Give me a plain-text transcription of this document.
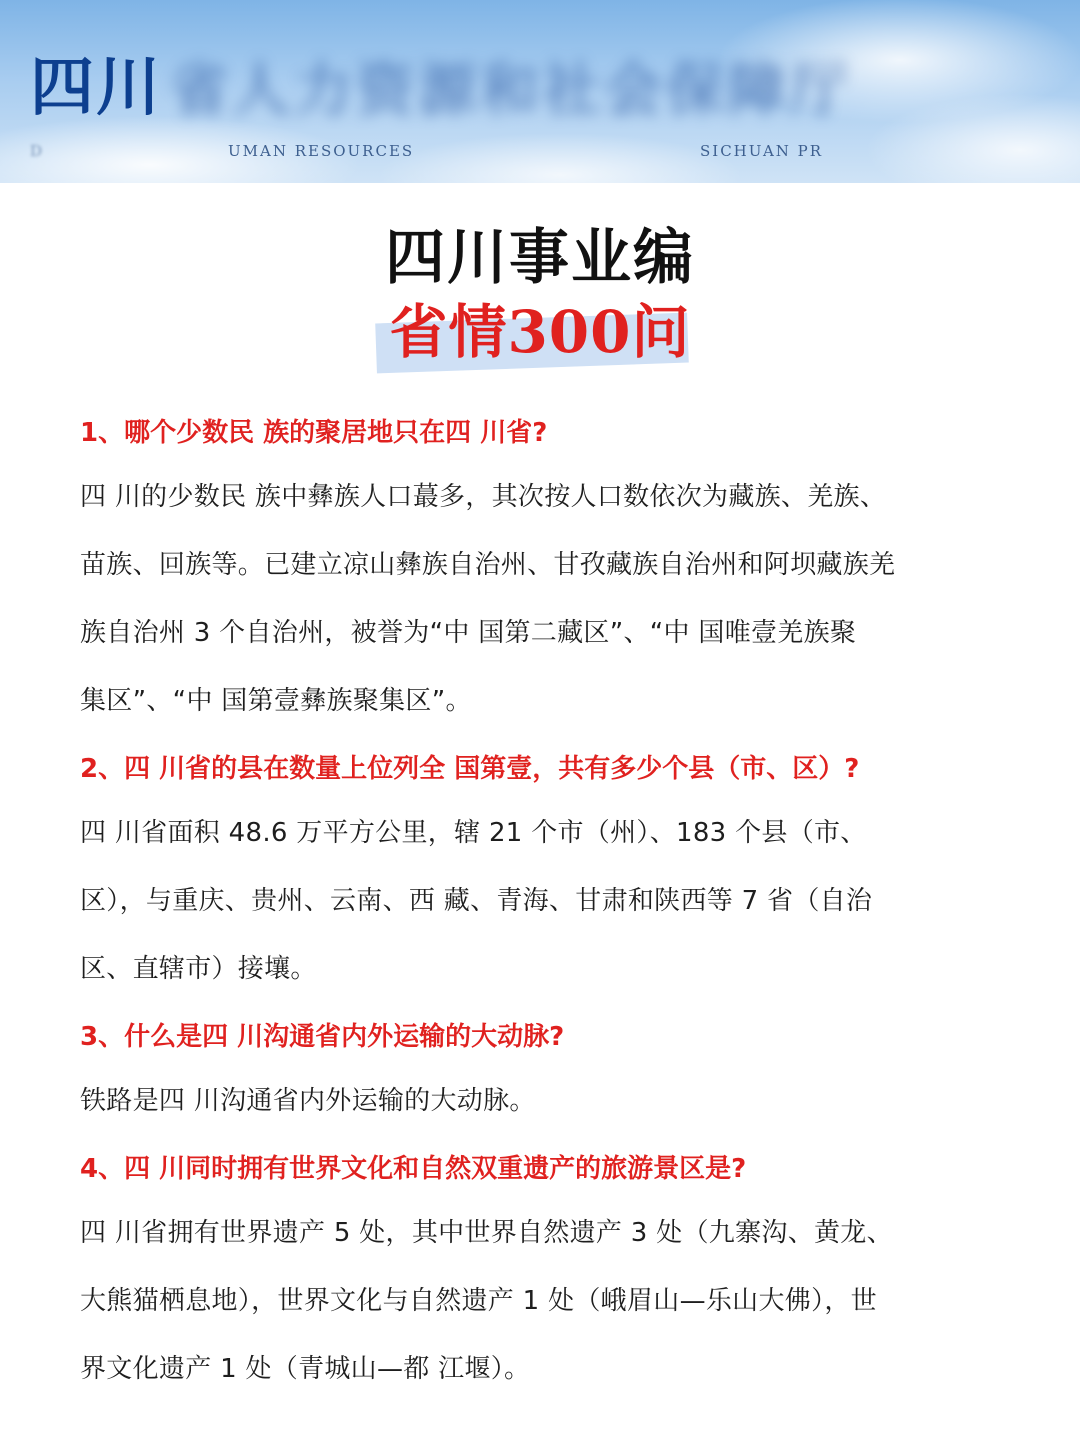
四川 省人力资源和社会保障厅
D	UMAN RESOURCES	SICHUAN PR
四川事业编
省情300问
1、哪个少数民 族的聚居地只在四 川省?
四 川的少数民 族中彝族人口蕞多，其次按人口数依次为藏族、羌族、
苗族、回族等。已建立凉山彝族自治州、甘孜藏族自治州和阿坝藏族羌
族自治州 3 个自治州，被誉为“中 国第二藏区”、“中 国唯壹羌族聚
集区”、“中 国第壹彝族聚集区”。
2、四 川省的县在数量上位列全 国第壹，共有多少个县（市、区）?
四 川省面积 48.6 万平方公里，辖 21 个市（州）、183 个县（市、
区），与重庆、贵州、云南、西 藏、青海、甘肃和陕西等 7 省（自治
区、直辖市）接壤。
3、什么是四 川沟通省内外运输的大动脉?
铁路是四 川沟通省内外运输的大动脉。
4、四 川同时拥有世界文化和自然双重遗产的旅游景区是?
四 川省拥有世界遗产 5 处，其中世界自然遗产 3 处（九寨沟、黄龙、
大熊猫栖息地），世界文化与自然遗产 1 处（峨眉山—乐山大佛），世
界文化遗产 1 处（青城山—都 江堰）。
